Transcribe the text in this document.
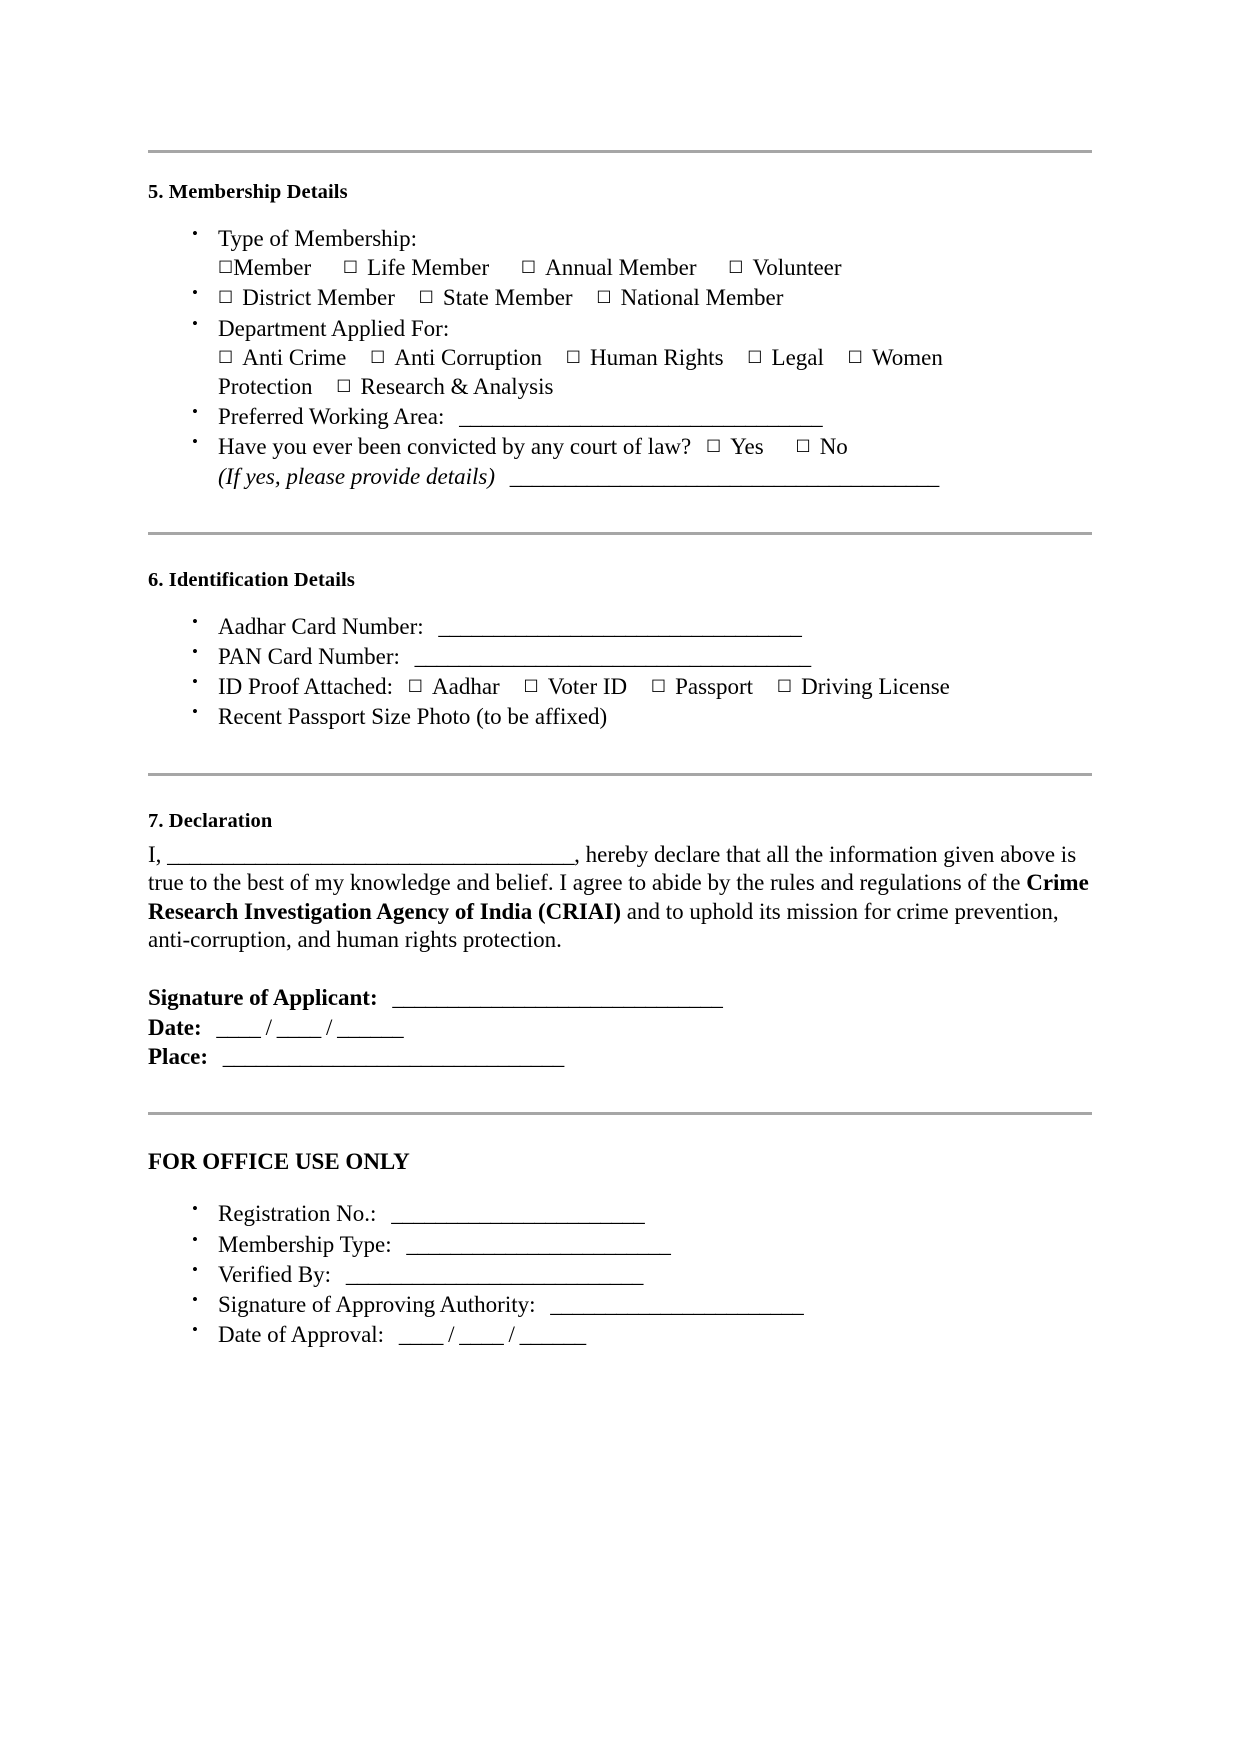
5. Membership Details

• Type of Membership:
☐Member ☐ Life Member ☐ Annual Member ☐ Volunteer
• ☐ District Member ☐ State Member ☐ National Member
• Department Applied For:
☐ Anti Crime ☐ Anti Corruption ☐ Human Rights ☐ Legal ☐ Women
Protection ☐ Research & Analysis
• Preferred Working Area: _________________________________
• Have you ever been convicted by any court of law? ☐ Yes ☐ No
(If yes, please provide details) _______________________________________

6. Identification Details

• Aadhar Card Number: _________________________________
• PAN Card Number: ____________________________________
• ID Proof Attached: ☐ Aadhar ☐ Voter ID ☐ Passport ☐ Driving License
• Recent Passport Size Photo (to be affixed)

7. Declaration

I, _____________________________________, hereby declare that all the information given above is true to the best of my knowledge and belief. I agree to abide by the rules and regulations of the Crime Research Investigation Agency of India (CRIAI) and to uphold its mission for crime prevention, anti-corruption, and human rights protection.

Signature of Applicant: ______________________________
Date: ____ / ____ / ______
Place: _______________________________

FOR OFFICE USE ONLY

• Registration No.: _______________________
• Membership Type: ________________________
• Verified By: ___________________________
• Signature of Approving Authority: _______________________
• Date of Approval: ____ / ____ / ______
